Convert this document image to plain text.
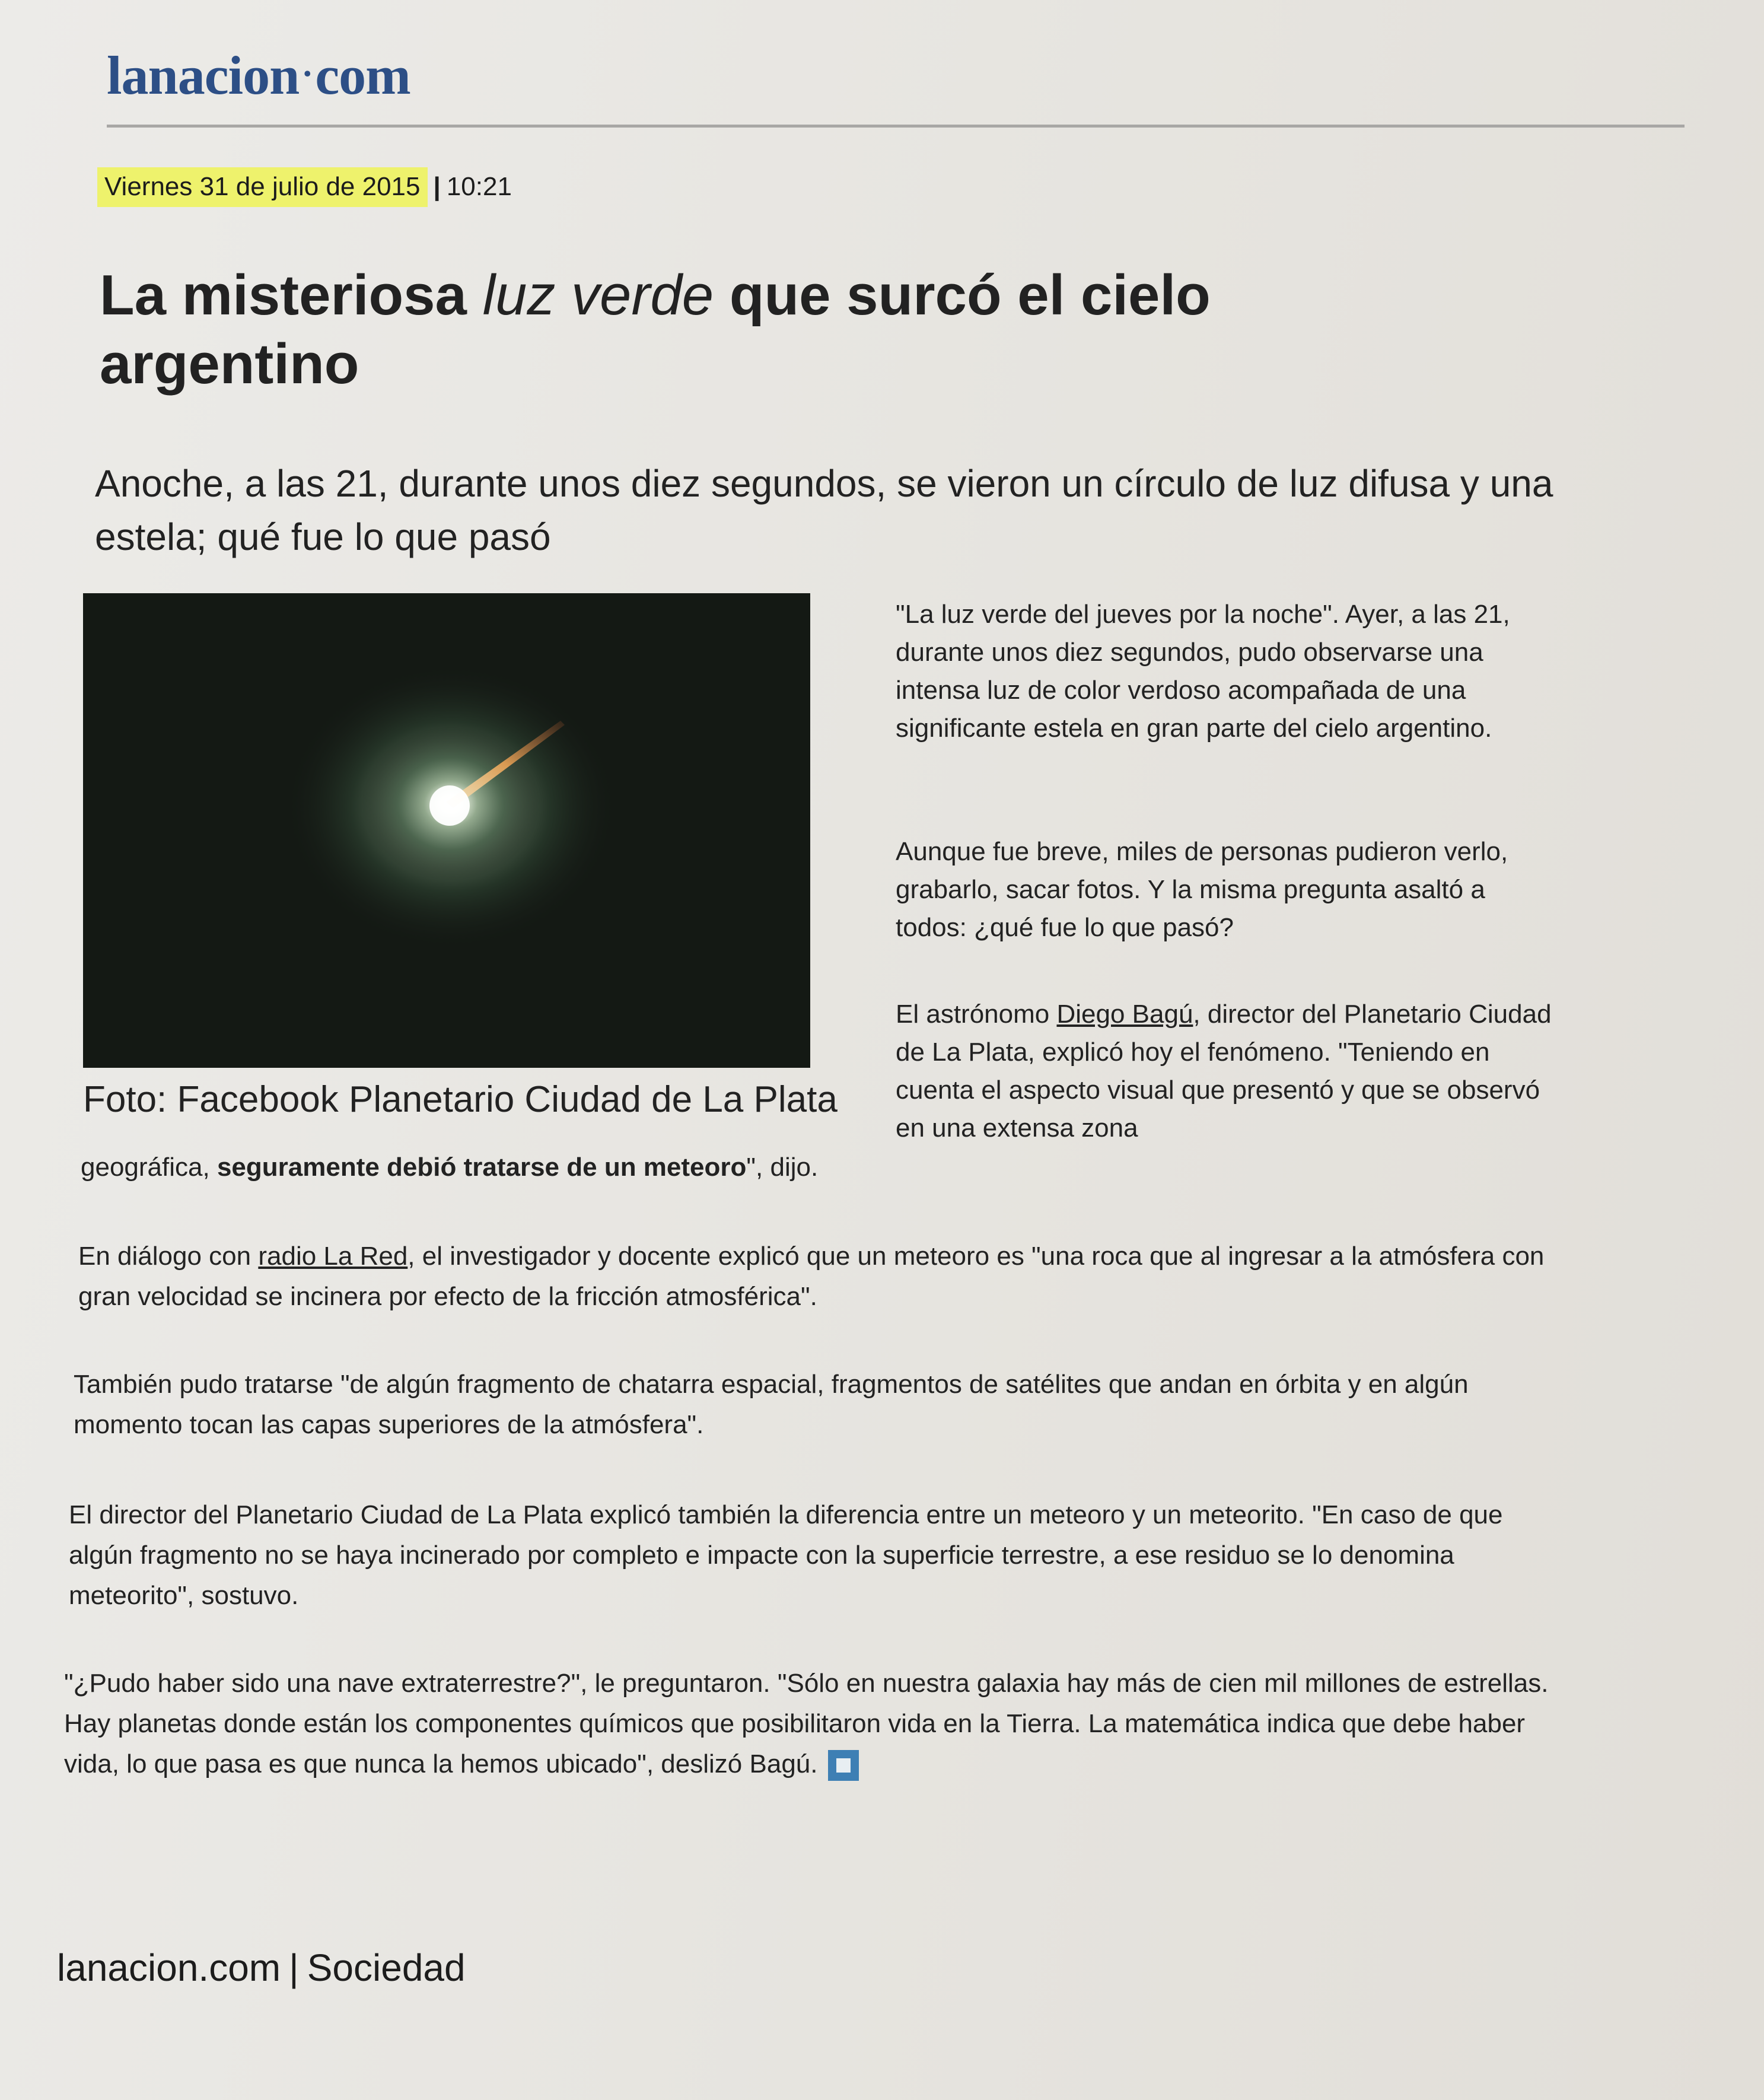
lanacion·com
Viernes 31 de julio de 2015 | 10:21
La misteriosa luz verde que surcó el cielo argentino
Anoche, a las 21, durante unos diez segundos, se vieron un círculo de luz difusa y una estela; qué fue lo que pasó
Foto: Facebook Planetario Ciudad de La Plata

"La luz verde del jueves por la noche". Ayer, a las 21, durante unos diez segundos, pudo observarse una intensa luz de color verdoso acompañada de una significante estela en gran parte del cielo argentino.

Aunque fue breve, miles de personas pudieron verlo, grabarlo, sacar fotos. Y la misma pregunta asaltó a todos: ¿qué fue lo que pasó?

El astrónomo Diego Bagú, director del Planetario Ciudad de La Plata, explicó hoy el fenómeno. "Teniendo en cuenta el aspecto visual que presentó y que se observó en una extensa zona

geográfica, seguramente debió tratarse de un meteoro", dijo.

En diálogo con radio La Red, el investigador y docente explicó que un meteoro es "una roca que al ingresar a la atmósfera con gran velocidad se incinera por efecto de la fricción atmosférica".

También pudo tratarse "de algún fragmento de chatarra espacial, fragmentos de satélites que andan en órbita y en algún momento tocan las capas superiores de la atmósfera".

El director del Planetario Ciudad de La Plata explicó también la diferencia entre un meteoro y un meteorito. "En caso de que algún fragmento no se haya incinerado por completo e impacte con la superficie terrestre, a ese residuo se lo denomina meteorito", sostuvo.

"¿Pudo haber sido una nave extraterrestre?", le preguntaron. "Sólo en nuestra galaxia hay más de cien mil millones de estrellas. Hay planetas donde están los componentes químicos que posibilitaron vida en la Tierra. La matemática indica que debe haber vida, lo que pasa es que nunca la hemos ubicado", deslizó Bagú.

lanacion.com | Sociedad
